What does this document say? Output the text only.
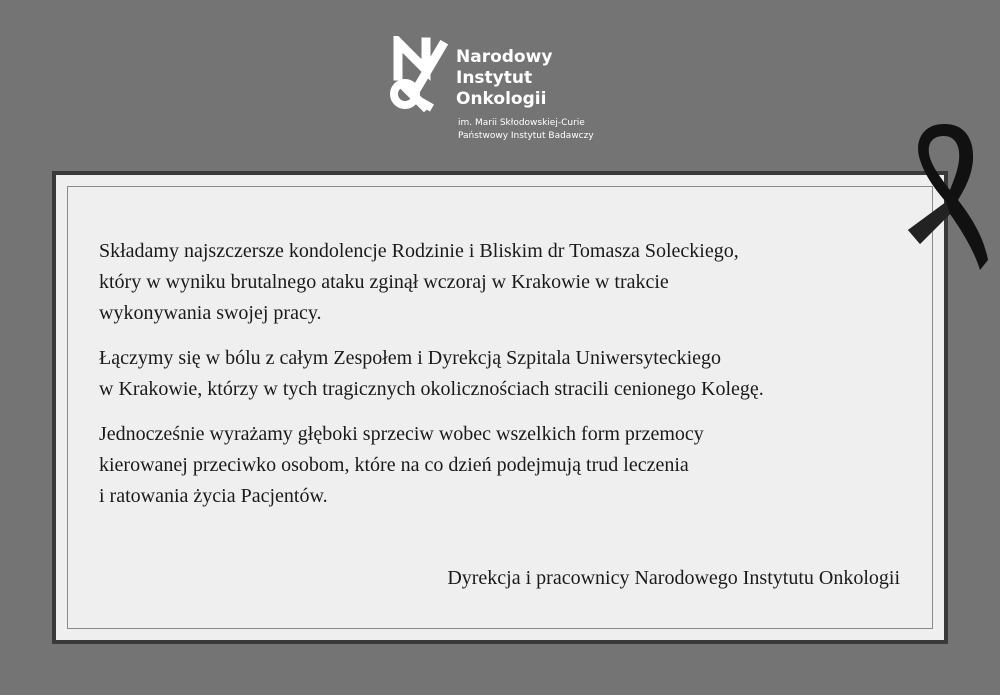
Narodowy
Instytut
Onkologii
im. Marii Skłodowskiej-Curie
Państwowy Instytut Badawczy

Składamy najszczersze kondolencje Rodzinie i Bliskim dr Tomasza Soleckiego,
który w wyniku brutalnego ataku zginął wczoraj w Krakowie w trakcie
wykonywania swojej pracy.

Łączymy się w bólu z całym Zespołem i Dyrekcją Szpitala Uniwersyteckiego
w Krakowie, którzy w tych tragicznych okolicznościach stracili cenionego Kolegę.

Jednocześnie wyrażamy głęboki sprzeciw wobec wszelkich form przemocy
kierowanej przeciwko osobom, które na co dzień podejmują trud leczenia
i ratowania życia Pacjentów.

Dyrekcja i pracownicy Narodowego Instytutu Onkologii
